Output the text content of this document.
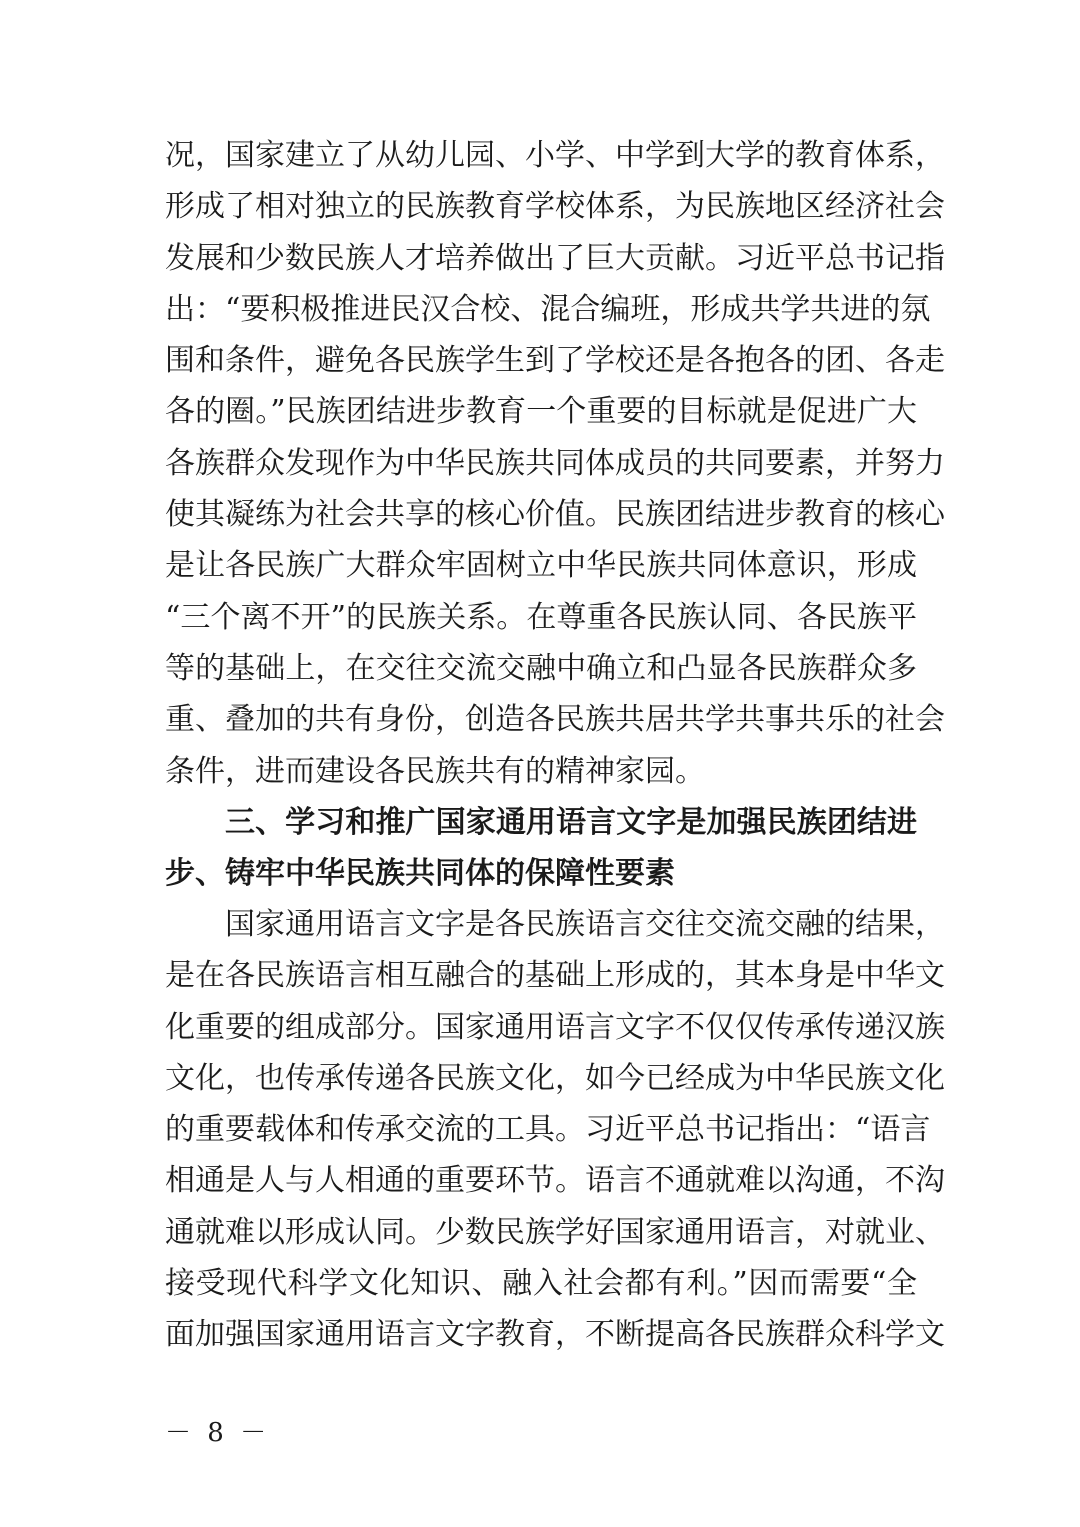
况，国家建立了从幼儿园、小学、中学到大学的教育体系，
形成了相对独立的民族教育学校体系，为民族地区经济社会
发展和少数民族人才培养做出了巨大贡献。习近平总书记指
出：“要积极推进民汉合校、混合编班，形成共学共进的氛
围和条件，避免各民族学生到了学校还是各抱各的团、各走
各的圈。”民族团结进步教育一个重要的目标就是促进广大
各族群众发现作为中华民族共同体成员的共同要素，并努力
使其凝练为社会共享的核心价值。民族团结进步教育的核心
是让各民族广大群众牢固树立中华民族共同体意识，形成
“三个离不开”的民族关系。在尊重各民族认同、各民族平
等的基础上，在交往交流交融中确立和凸显各民族群众多
重、叠加的共有身份，创造各民族共居共学共事共乐的社会
条件，进而建设各民族共有的精神家园。
三、学习和推广国家通用语言文字是加强民族团结进
步、铸牢中华民族共同体的保障性要素
国家通用语言文字是各民族语言交往交流交融的结果，
是在各民族语言相互融合的基础上形成的，其本身是中华文
化重要的组成部分。国家通用语言文字不仅仅传承传递汉族
文化，也传承传递各民族文化，如今已经成为中华民族文化
的重要载体和传承交流的工具。习近平总书记指出：“语言
相通是人与人相通的重要环节。语言不通就难以沟通，不沟
通就难以形成认同。少数民族学好国家通用语言，对就业、
接受现代科学文化知识、融入社会都有利。”因而需要“全
面加强国家通用语言文字教育，不断提高各民族群众科学文
－ 8 －
